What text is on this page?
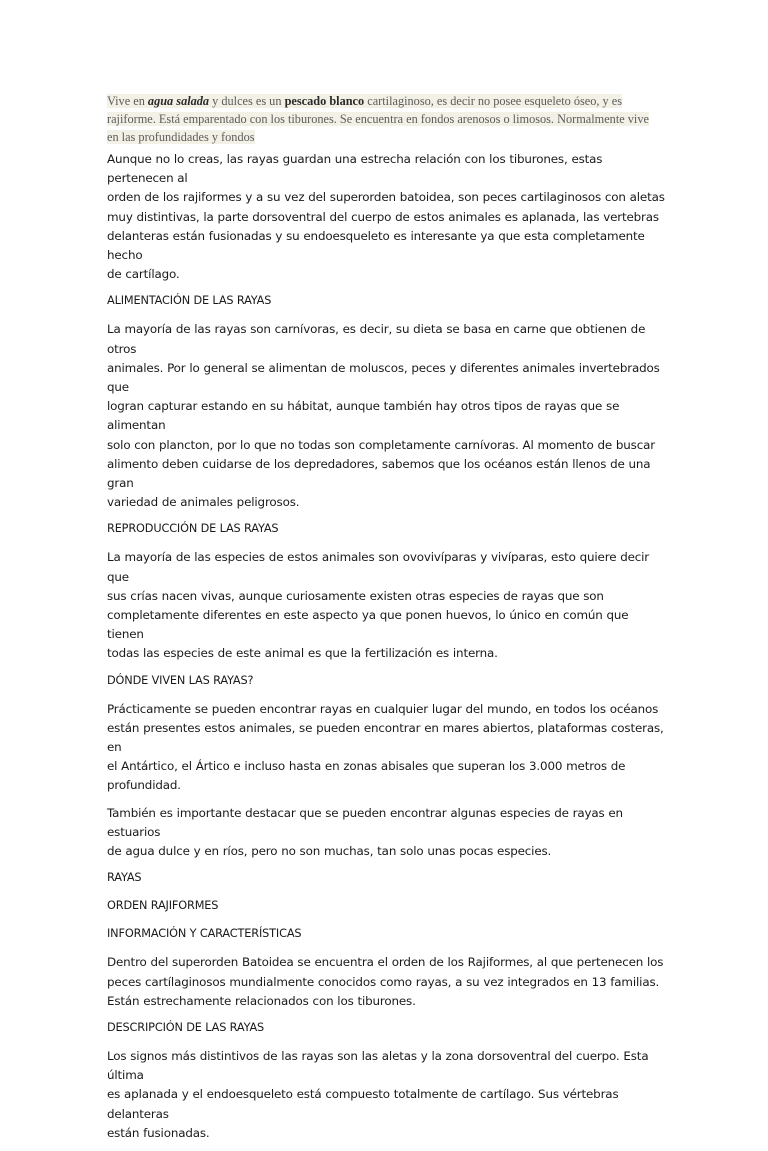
Vive en agua salada y dulces es un pescado blanco cartilaginoso, es decir no posee esqueleto óseo, y es
rajiforme. Está emparentado con los tiburones. Se encuentra en fondos arenosos o limosos. Normalmente vive
en las profundidades y fondos

Aunque no lo creas, las rayas guardan una estrecha relación con los tiburones, estas pertenecen al
orden de los rajiformes y a su vez del superorden batoidea, son peces cartilaginosos con aletas
muy distintivas, la parte dorsoventral del cuerpo de estos animales es aplanada, las vertebras
delanteras están fusionadas y su endoesqueleto es interesante ya que esta completamente hecho
de cartílago.

ALIMENTACIÓN DE LAS RAYAS

La mayoría de las rayas son carnívoras, es decir, su dieta se basa en carne que obtienen de otros
animales. Por lo general se alimentan de moluscos, peces y diferentes animales invertebrados que
logran capturar estando en su hábitat, aunque también hay otros tipos de rayas que se alimentan
solo con plancton, por lo que no todas son completamente carnívoras. Al momento de buscar
alimento deben cuidarse de los depredadores, sabemos que los océanos están llenos de una gran
variedad de animales peligrosos.

REPRODUCCIÓN DE LAS RAYAS

La mayoría de las especies de estos animales son ovovivíparas y vivíparas, esto quiere decir que
sus crías nacen vivas, aunque curiosamente existen otras especies de rayas que son
completamente diferentes en este aspecto ya que ponen huevos, lo único en común que tienen
todas las especies de este animal es que la fertilización es interna.

DÓNDE VIVEN LAS RAYAS?

Prácticamente se pueden encontrar rayas en cualquier lugar del mundo, en todos los océanos
están presentes estos animales, se pueden encontrar en mares abiertos, plataformas costeras, en
el Antártico, el Ártico e incluso hasta en zonas abisales que superan los 3.000 metros de
profundidad.

También es importante destacar que se pueden encontrar algunas especies de rayas en estuarios
de agua dulce y en ríos, pero no son muchas, tan solo unas pocas especies.

RAYAS

ORDEN RAJIFORMES

INFORMACIÓN Y CARACTERÍSTICAS

Dentro del superorden Batoidea se encuentra el orden de los Rajiformes, al que pertenecen los
peces cartílaginosos mundialmente conocidos como rayas, a su vez integrados en 13 familias.
Están estrechamente relacionados con los tiburones.

DESCRIPCIÓN DE LAS RAYAS

Los signos más distintivos de las rayas son las aletas y la zona dorsoventral del cuerpo. Esta última
es aplanada y el endoesqueleto está compuesto totalmente de cartílago. Sus vértebras delanteras
están fusionadas.
